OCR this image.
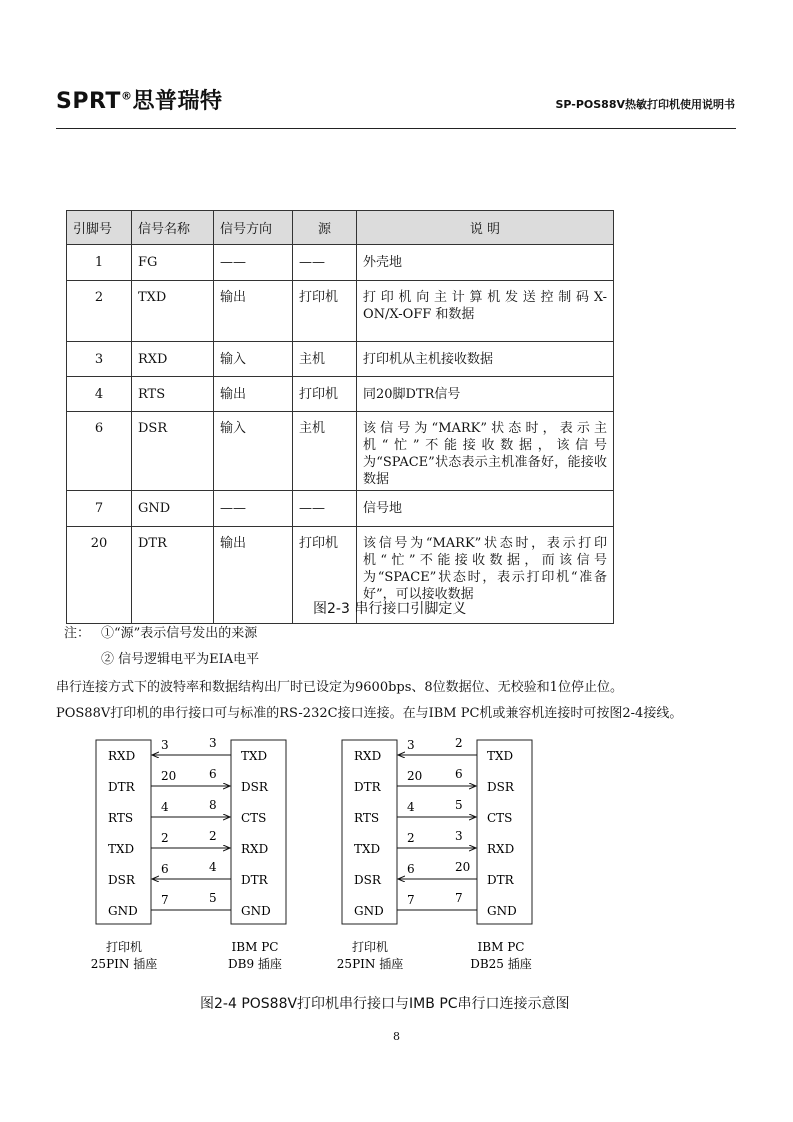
SPRT®思普瑞特	SP-POS88Ⅴ热敏打印机使用说明书
引脚号	信号名称	信号方向	源	说 明
1	FG	——	——	外壳地
2	TXD	输出	打印机	打 印 机 向 主 计 算 机 发 送 控 制 码 X-ON/X-OFF 和数据
3	RXD	输入	主机	打印机从主机接收数据
4	RTS	输出	打印机	同20脚DTR信号
6	DSR	输入	主机	该信号为“MARK”状态时，表示主机“忙”不能接收数据，该信号为“SPACE”状态表示主机准备好，能接收数据
7	GND	——	——	信号地
20	DTR	输出	打印机	该信号为“MARK”状态时，表示打印机“忙”不能接收数据，而该信号为“SPACE”状态时，表示打印机“准备好”，可以接收数据
图2-3 串行接口引脚定义
注： ①“源”表示信号发出的来源
② 信号逻辑电平为EIA电平
串行连接方式下的波特率和数据结构出厂时已设定为9600bps、8位数据位、无校验和1位停止位。
POS88Ⅴ打印机的串行接口可与标准的RS-232C接口连接。在与IBM PC机或兼容机连接时可按图2-4接线。
RXD	TXD
3	3
DTR	DSR
20	6
RTS	CTS
4	8
TXD	RXD
2	2
DSR	DTR
6	4
GND	GND
7	5
打印机
25PIN 插座
IBM PC
DB9 插座
RXD	TXD
3	2
DTR	DSR
20	6
RTS	CTS
4	5
TXD	RXD
2	3
DSR	DTR
6	20
GND	GND
7	7
打印机
25PIN 插座
IBM PC
DB25 插座
图2-4 POS88Ⅴ打印机串行接口与IMB PC串行口连接示意图
8
